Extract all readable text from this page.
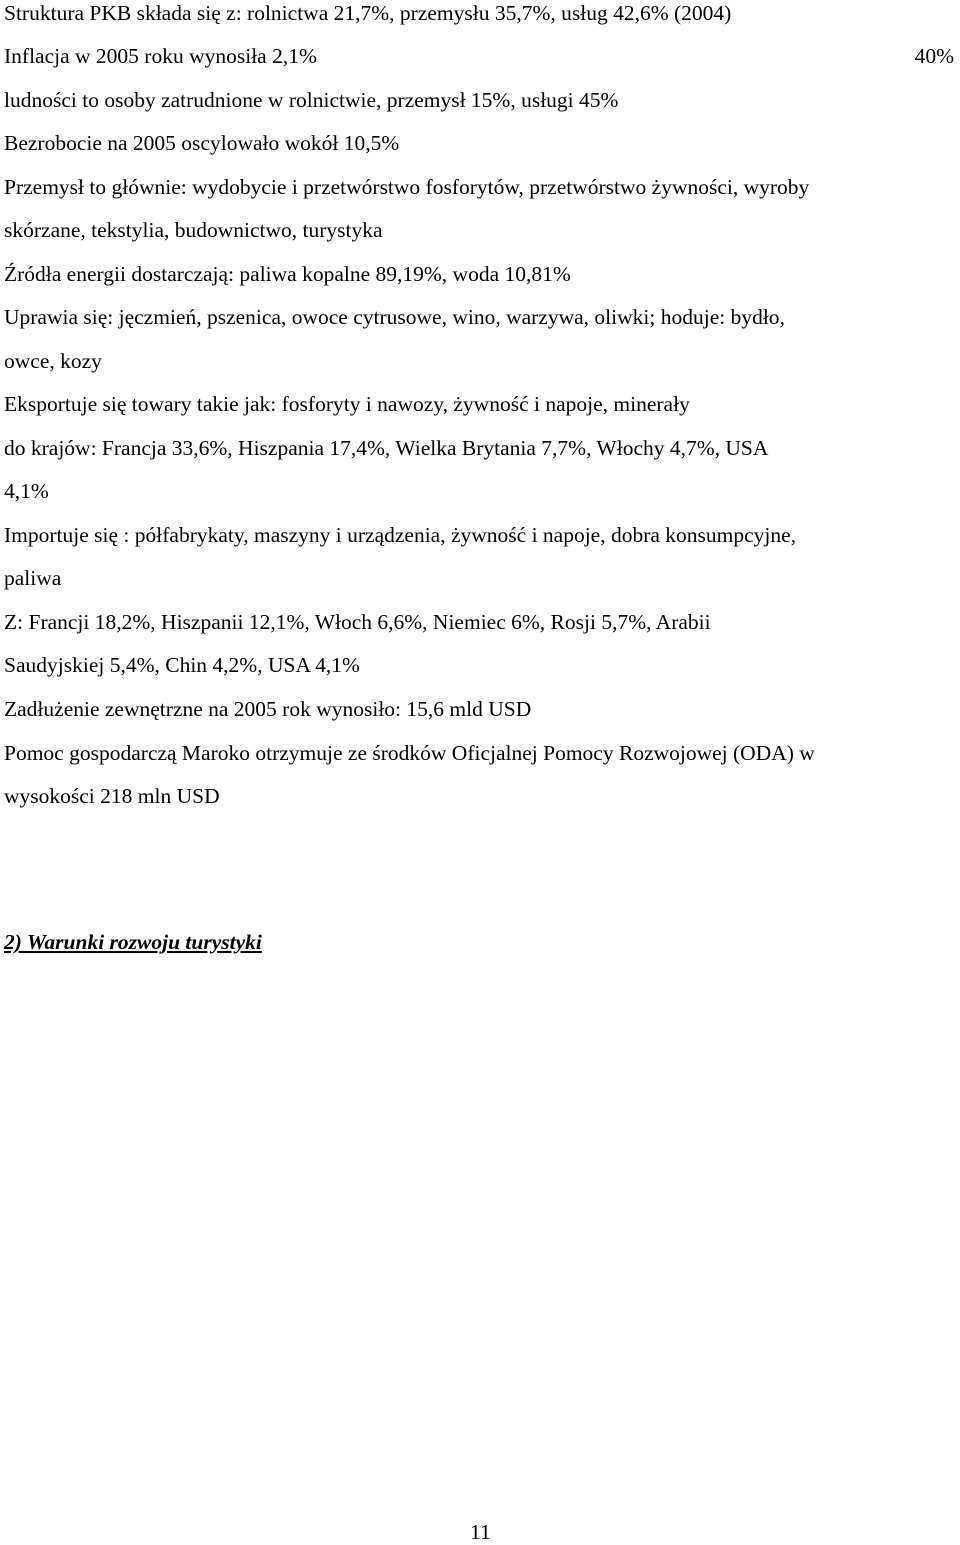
Struktura PKB składa się z: rolnictwa 21,7%, przemysłu 35,7%, usług 42,6% (2004)
Inflacja w 2005 roku wynosiła 2,1%	40%
ludności to osoby zatrudnione w rolnictwie, przemysł 15%, usługi 45%
Bezrobocie na 2005 oscylowało wokół 10,5%
Przemysł to głównie: wydobycie i przetwórstwo fosforytów, przetwórstwo żywności, wyroby
skórzane, tekstylia, budownictwo, turystyka
Źródła energii dostarczają: paliwa kopalne 89,19%, woda 10,81%
Uprawia się: jęczmień, pszenica, owoce cytrusowe, wino, warzywa, oliwki; hoduje: bydło,
owce, kozy
Eksportuje się towary takie jak: fosforyty i nawozy, żywność i napoje, minerały
do krajów: Francja 33,6%, Hiszpania 17,4%, Wielka Brytania 7,7%, Włochy 4,7%, USA
4,1%
Importuje się : półfabrykaty, maszyny i urządzenia, żywność i napoje, dobra konsumpcyjne,
paliwa
Z: Francji 18,2%, Hiszpanii 12,1%, Włoch 6,6%, Niemiec 6%, Rosji 5,7%, Arabii
Saudyjskiej 5,4%, Chin 4,2%, USA 4,1%
Zadłużenie zewnętrzne na 2005 rok wynosiło: 15,6 mld USD
Pomoc gospodarczą Maroko otrzymuje ze środków Oficjalnej Pomocy Rozwojowej (ODA) w
wysokości 218 mln USD
2) Warunki rozwoju turystyki
11
